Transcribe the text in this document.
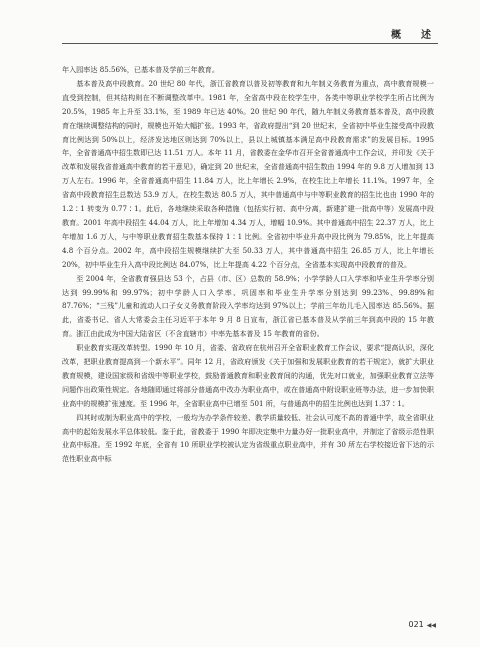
概　述

年入园率达 85.56%，已基本普及学前三年教育。

基本普及高中段教育。20 世纪 80 年代，浙江省教育以普及初等教育和九年制义务教育为重点，高中教育规模一直受到控制，但其结构则在不断调整改革中。1981 年，全省高中段在校学生中，各类中等职业学校学生所占比例为 20.5%，1985 年上升至 33.1%，至 1989 年已达 40%。20 世纪 90 年代，随九年制义务教育基本普及，高中段教育在继续调整结构的同时，规模也开始大幅扩张。1993 年，省政府提出“到 20 世纪末，全省初中毕业生接受高中段教育比例达到 50%以上，经济发达地区则达到 70%以上，县以上城镇基本满足高中段教育需求”的发展目标。1995 年，全省普通高中招生数即已达 11.51 万人。本年 11 月，省教委在金华市召开全省普通高中工作会议，并印发《关于改革和发展我省普通高中教育的若干意见》，确定到 20 世纪末，全省普通高中招生数由 1994 年的 9.8 万人增加到 13 万人左右。1996 年，全省普通高中招生 11.84 万人，比上年增长 2.9%，在校生比上年增长 11.1%。1997 年，全省高中段教育招生总数达 53.9 万人，在校生数达 80.5 万人，其中普通高中与中等职业教育的招生比也由 1990 年的 1.2∶1 转变为 0.77∶1。此后，各地继续采取各种措施（包括实行初、高中分离，新建扩建一批高中等）发展高中段教育。2001 年高中段招生 44.04 万人，比上年增加 4.34 万人，增幅 10.9%。其中普通高中招生 22.37 万人，比上年增加 1.6 万人，与中等职业教育招生数基本保持 1∶1 比例。全省初中毕业升高中段比例为 79.85%，比上年提高 4.8 个百分点。2002 年，高中段招生规模继续扩大至 50.33 万人，其中普通高中招生 26.85 万人，比上年增长 20%，初中毕业生升入高中段比例达 84.07%，比上年提高 4.22 个百分点，全省基本实现高中段教育的普及。

至 2004 年，全省教育强县达 53 个，占县（市、区）总数的 58.9%；小学学龄人口入学率和毕业生升学率分别达到 99.99%和 99.97%；初中学龄人口入学率、巩固率和毕业生升学率分别达到 99.23%、99.89%和 87.76%；“三残”儿童和流动人口子女义务教育阶段入学率均达到 97%以上；学前三年幼儿毛入园率达 85.56%。据此，省委书记、省人大常委会主任习近平于本年 9 月 8 日宣布，浙江省已基本普及从学前三年到高中段的 15 年教育。浙江由此成为中国大陆省区（不含直辖市）中率先基本普及 15 年教育的省份。

职业教育实现改革转型。1990 年 10 月，省委、省政府在杭州召开全省职业教育工作会议，要求“提高认识，深化改革，把职业教育提高到一个新水平”。同年 12 月，省政府颁发《关于加强和发展职业教育的若干规定》，就扩大职业教育规模，建设国家级和省级中等职业学校，鼓励普通教育和职业教育间的沟通，优先对口就业，加强职业教育立法等问题作出政策性规定。各地随即通过将部分普通高中改办为职业高中，或在普通高中附设职业班等办法，进一步加快职业高中的规模扩张速度。至 1996 年，全省职业高中已增至 501 所，与普通高中的招生比例也达到 1.37∶1。

四其时或制为职业高中的学校，一般均为办学条件较差、教学质量较低、社会认可度不高的普通中学，故全省职业高中的起始发展水平总体较低。鉴于此，省教委于 1990 年即决定集中力量办好一批职业高中，并制定了省级示范性职业高中标准。至 1992 年底，全省有 10 所职业学校被认定为省级重点职业高中，并有 30 所左右学校接近省下达的示范性职业高中标

021 ◀◀
